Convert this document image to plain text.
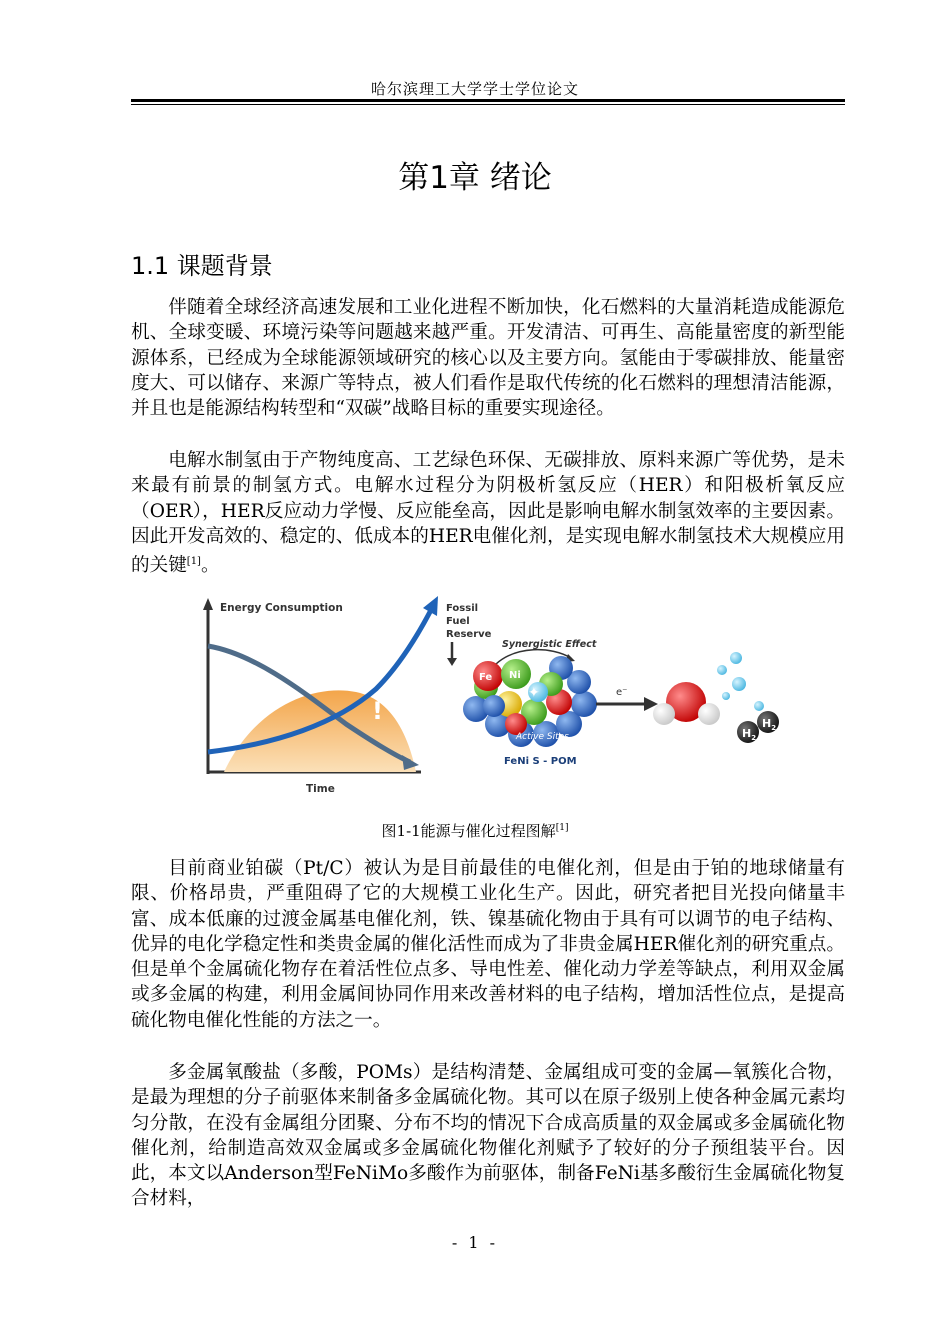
哈尔滨理工大学学士学位论文
第1章 绪论
1.1 课题背景

伴随着全球经济高速发展和工业化进程不断加快，化石燃料的大量消耗造成能源危机、全球变暖、环境污染等问题越来越严重。开发清洁、可再生、高能量密度的新型能源体系，已经成为全球能源领域研究的核心以及主要方向。氢能由于零碳排放、能量密度大、可以储存、来源广等特点，被人们看作是取代传统的化石燃料的理想清洁能源，并且也是能源结构转型和“双碳”战略目标的重要实现途径。

电解水制氢由于产物纯度高、工艺绿色环保、无碳排放、原料来源广等优势，是未来最有前景的制氢方式。电解水过程分为阴极析氢反应（HER）和阳极析氧反应（OER），HER反应动力学慢、反应能垒高，因此是影响电解水制氢效率的主要因素。因此开发高效的、稳定的、低成本的HER电催化剂，是实现电解水制氢技术大规模应用的关键[1]。

!
Energy Consumption
Time
Fossil
Fuel
Reserve
Synergistic Effect
Fe Ni
✦
Active Sites
FeNi S - POM
e⁻
$H_2$
$H_2$
图1-1能源与催化过程图解[1]

目前商业铂碳（Pt/C）被认为是目前最佳的电催化剂，但是由于铂的地球储量有限、价格昂贵，严重阻碍了它的大规模工业化生产。因此，研究者把目光投向储量丰富、成本低廉的过渡金属基电催化剂，铁、镍基硫化物由于具有可以调节的电子结构、优异的电化学稳定性和类贵金属的催化活性而成为了非贵金属HER催化剂的研究重点。但是单个金属硫化物存在着活性位点多、导电性差、催化动力学差等缺点，利用双金属或多金属的构建，利用金属间协同作用来改善材料的电子结构，增加活性位点，是提高硫化物电催化性能的方法之一。

多金属氧酸盐（多酸，POMs）是结构清楚、金属组成可变的金属—氧簇化合物，是最为理想的分子前驱体来制备多金属硫化物。其可以在原子级别上使各种金属元素均匀分散，在没有金属组分团聚、分布不均的情况下合成高质量的双金属或多金属硫化物催化剂，给制造高效双金属或多金属硫化物催化剂赋予了较好的分子预组装平台。因此，本文以Anderson型FeNiMo多酸作为前驱体，制备FeNi基多酸衍生金属硫化物复合材料，

- 1 -
